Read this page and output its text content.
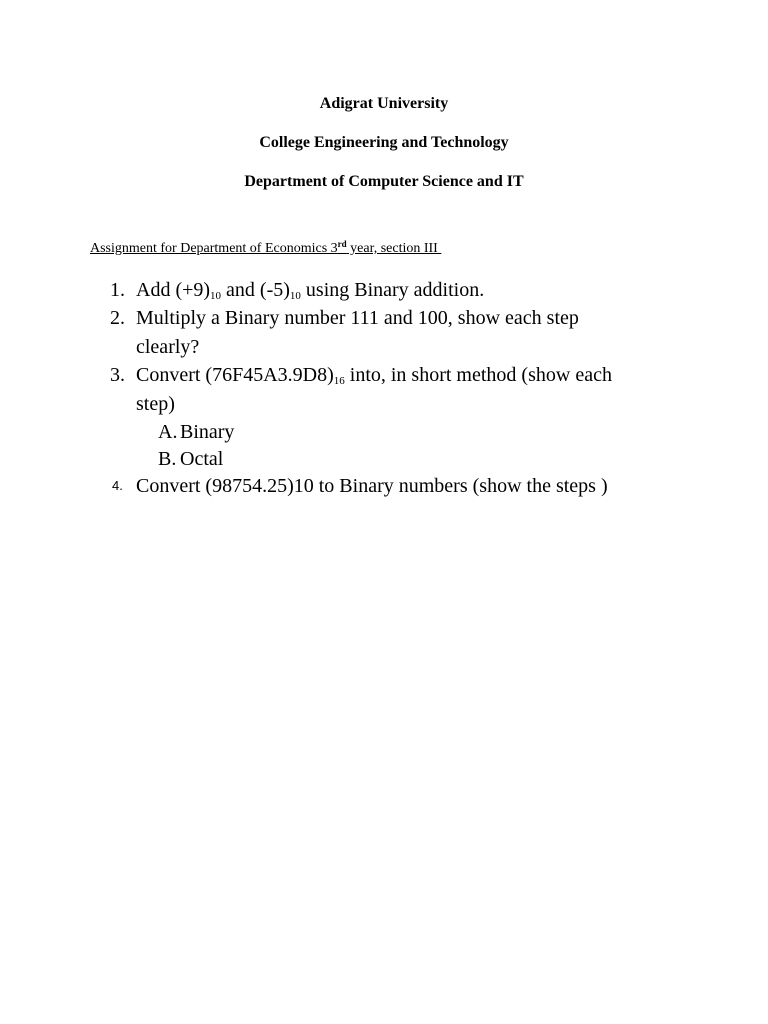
Adigrat University
College Engineering and Technology
Department of Computer Science and IT
Assignment for Department of Economics 3rd year, section III
1. Add $(+9)_{10}$ and $(-5)_{10}$ using Binary addition.
2. Multiply a Binary number 111 and 100, show each step
clearly?
3. Convert $(76F45A3.9D8)_{16}$ into, in short method (show each
step)
A. Binary
B. Octal
4. Convert (98754.25)10 to Binary numbers (show the steps )
